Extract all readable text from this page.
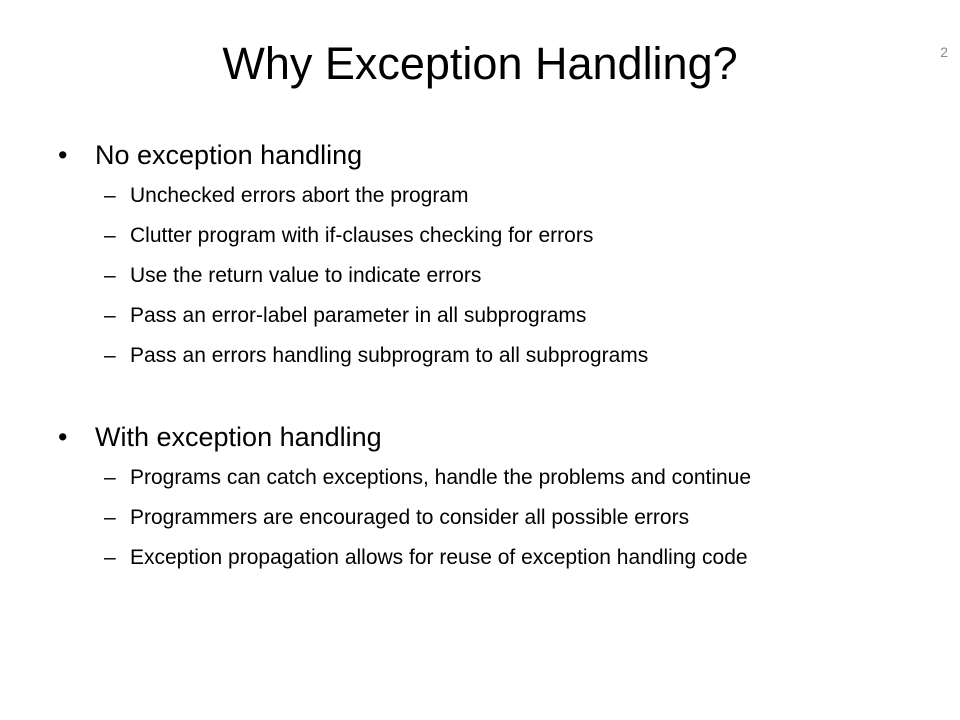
Why Exception Handling?	2
•	No exception handling
– Unchecked errors abort the program
– Clutter program with if-clauses checking for errors
– Use the return value to indicate errors
– Pass an error-label parameter in all subprograms
– Pass an errors handling subprogram to all subprograms
•	With exception handling
– Programs can catch exceptions, handle the problems and continue
– Programmers are encouraged to consider all possible errors
– Exception propagation allows for reuse of exception handling code
